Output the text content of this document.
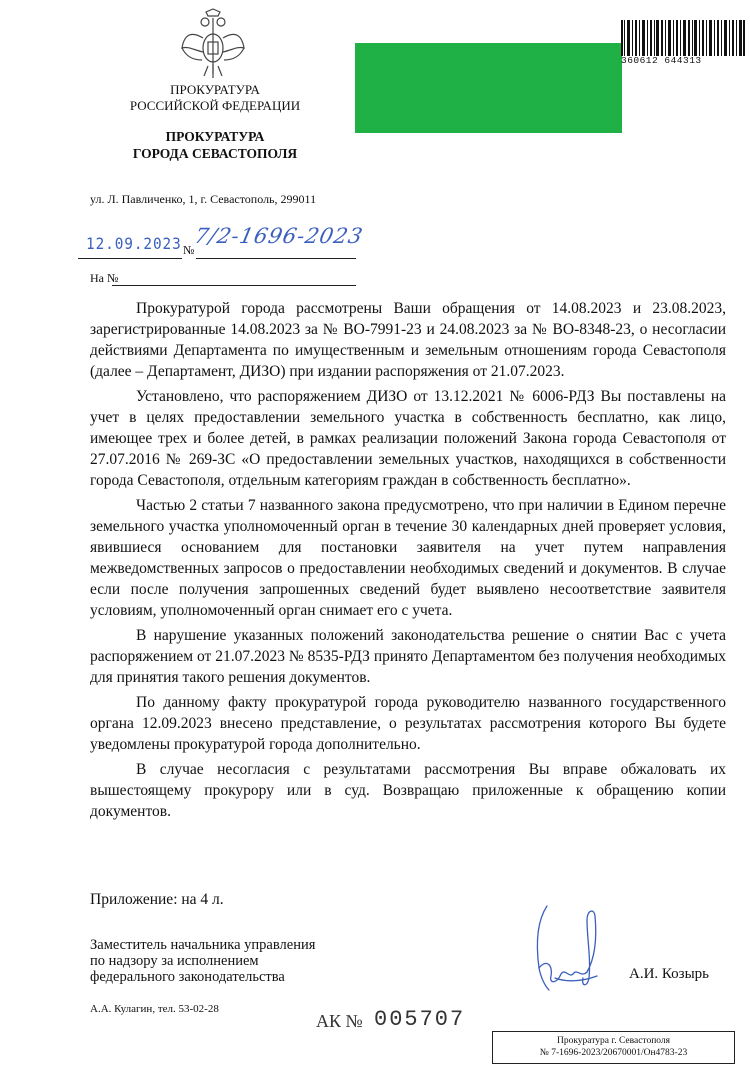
ПРОКУРАТУРА
РОССИЙСКОЙ ФЕДЕРАЦИИ
ПРОКУРАТУРА
ГОРОДА СЕВАСТОПОЛЯ
ул. Л. Павличенко, 1, г. Севастополь, 299011
360612 644313
12.09.2023 №
7/2-1696-2023
На №

Прокуратурой города рассмотрены Ваши обращения от 14.08.2023 и 23.08.2023, зарегистрированные 14.08.2023 за № ВО-7991-23 и 24.08.2023 за № ВО-8348-23, о несогласии действиями Департамента по имущественным и земельным отношениям города Севастополя (далее – Департамент, ДИЗО) при издании распоряжения от 21.07.2023.

Установлено, что распоряжением ДИЗО от 13.12.2021 № 6006-РДЗ Вы поставлены на учет в целях предоставлении земельного участка в собственность бесплатно, как лицо, имеющее трех и более детей, в рамках реализации положений Закона города Севастополя от 27.07.2016 № 269-ЗС «О предоставлении земельных участков, находящихся в собственности города Севастополя, отдельным категориям граждан в собственность бесплатно».

Частью 2 статьи 7 названного закона предусмотрено, что при наличии в Едином перечне земельного участка уполномоченный орган в течение 30 календарных дней проверяет условия, явившиеся основанием для постановки заявителя на учет путем направления межведомственных запросов о предоставлении необходимых сведений и документов. В случае если после получения запрошенных сведений будет выявлено несоответствие заявителя условиям, уполномоченный орган снимает его с учета.

В нарушение указанных положений законодательства решение о снятии Вас с учета распоряжением от 21.07.2023 № 8535-РДЗ принято Департаментом без получения необходимых для принятия такого решения документов.

По данному факту прокуратурой города руководителю названного государственного органа 12.09.2023 внесено представление, о результатах рассмотрения которого Вы будете уведомлены прокуратурой города дополнительно.

В случае несогласия с результатами рассмотрения Вы вправе обжаловать их вышестоящему прокурору или в суд. Возвращаю приложенные к обращению копии документов.

Приложение: на 4 л.
Заместитель начальника управления
по надзору за исполнением
федерального законодательства	А.И. Козырь
А.А. Кулагин, тел. 53-02-28
АК № 005707
Прокуратура г. Севастополя
№ 7-1696-2023/20670001/Он4783-23
